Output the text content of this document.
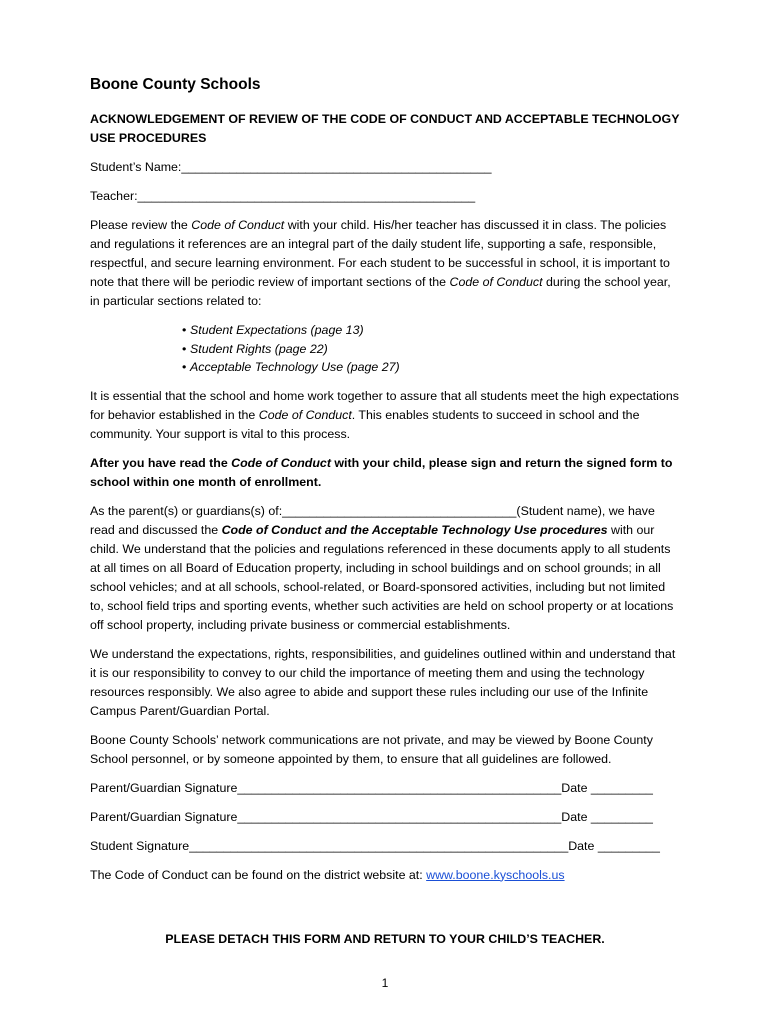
Boone County Schools
ACKNOWLEDGEMENT OF REVIEW OF THE CODE OF CONDUCT AND ACCEPTABLE TECHNOLOGY USE PROCEDURES
Student’s Name:_____________________________________________
Teacher:_________________________________________________

Please review the Code of Conduct with your child. His/her teacher has discussed it in class. The policies and regulations it references are an integral part of the daily student life, supporting a safe, responsible, respectful, and secure learning environment. For each student to be successful in school, it is important to note that there will be periodic review of important sections of the Code of Conduct during the school year, in particular sections related to:

• Student Expectations (page 13)
• Student Rights (page 22)
• Acceptable Technology Use (page 27)

It is essential that the school and home work together to assure that all students meet the high expectations for behavior established in the Code of Conduct. This enables students to succeed in school and the community. Your support is vital to this process.

After you have read the Code of Conduct with your child, please sign and return the signed form to school within one month of enrollment.

As the parent(s) or guardians(s) of:__________________________________(Student name), we have read and discussed the Code of Conduct and the Acceptable Technology Use procedures with our child. We understand that the policies and regulations referenced in these documents apply to all students at all times on all Board of Education property, including in school buildings and on school grounds; in all school vehicles; and at all schools, school-related, or Board-sponsored activities, including but not limited to, school field trips and sporting events, whether such activities are held on school property or at locations off school property, including private business or commercial establishments.

We understand the expectations, rights, responsibilities, and guidelines outlined within and understand that it is our responsibility to convey to our child the importance of meeting them and using the technology resources responsibly. We also agree to abide and support these rules including our use of the Infinite Campus Parent/Guardian Portal.

Boone County Schools’ network communications are not private, and may be viewed by Boone County School personnel, or by someone appointed by them, to ensure that all guidelines are followed.

Parent/Guardian Signature_______________________________________________Date _________
Parent/Guardian Signature_______________________________________________Date _________
Student Signature_______________________________________________________Date _________

The Code of Conduct can be found on the district website at: www.boone.kyschools.us

PLEASE DETACH THIS FORM AND RETURN TO YOUR CHILD’S TEACHER.
1
